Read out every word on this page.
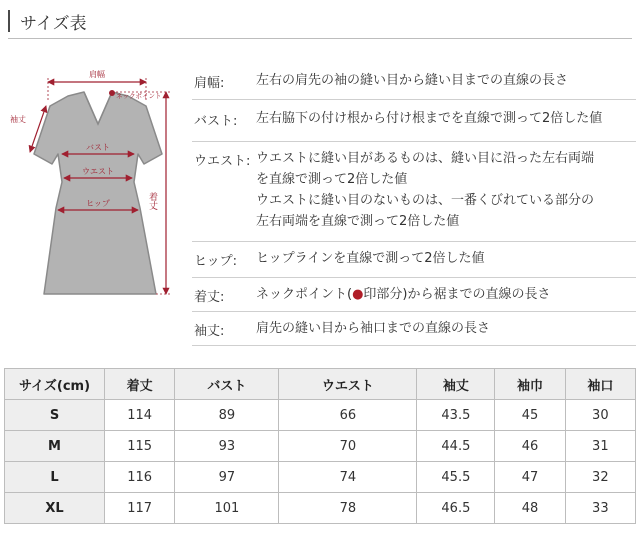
サイズ表
肩幅
ネックポイント
袖丈
バスト
ウエスト
ヒップ	着丈
肩幅: 左右の肩先の袖の縫い目から縫い目までの直線の長さ
バスト: 左右脇下の付け根から付け根までを直線で測って2倍した値
ウエスト: ウエストに縫い目があるものは、縫い目に沿った左右両端
を直線で測って2倍した値
ウエストに縫い目のないものは、一番くびれている部分の
左右両端を直線で測って2倍した値
ヒップ: ヒップラインを直線で測って2倍した値
着丈: ネックポイント(●印部分)から裾までの直線の長さ
袖丈: 肩先の縫い目から袖口までの直線の長さ
サイズ(cm)	着丈	バスト	ウエスト	袖丈	袖巾	袖口
S	114	89	66	43.5	45	30
M	115	93	70	44.5	46	31
L	116	97	74	45.5	47	32
XL	117	101	78	46.5	48	33
